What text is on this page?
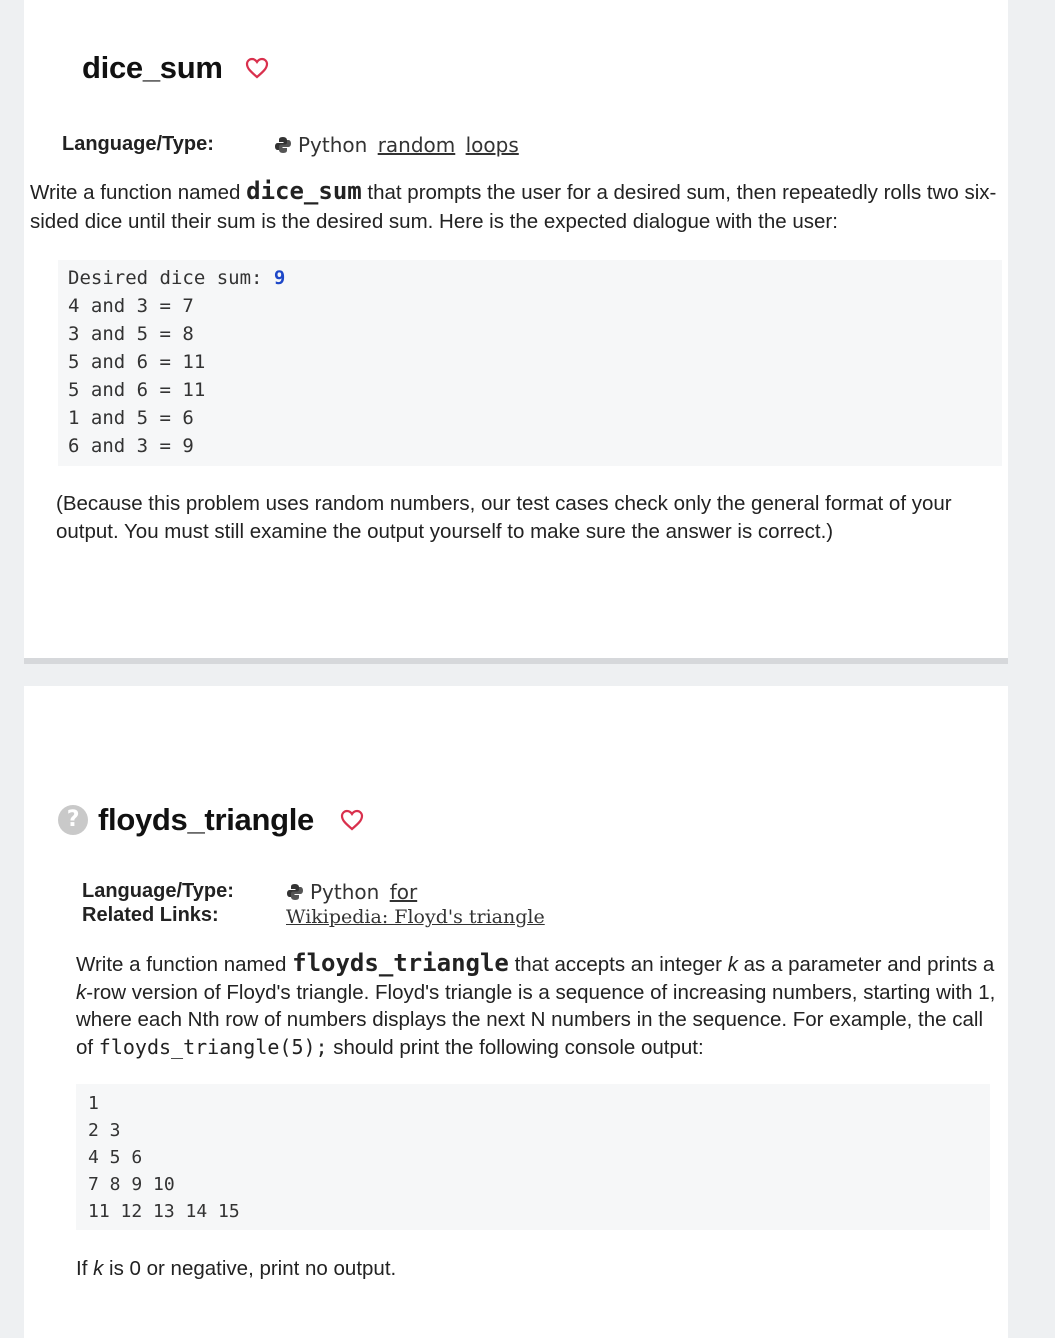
dice_sum
Language/Type:	Python random loops
Write a function named dice_sum that prompts the user for a desired sum, then repeatedly rolls two six-sided dice until their sum is the desired sum. Here is the expected dialogue with the user:
Desired dice sum: 9
4 and 3 = 7
3 and 5 = 8
5 and 6 = 11
5 and 6 = 11
1 and 5 = 6
6 and 3 = 9
(Because this problem uses random numbers, our test cases check only the general format of your output. You must still examine the output yourself to make sure the answer is correct.)
? floyds_triangle
Language/Type:	Python for
Related Links:	Wikipedia: Floyd's triangle
Write a function named floyds_triangle that accepts an integer k as a parameter and prints a k-row version of Floyd's triangle. Floyd's triangle is a sequence of increasing numbers, starting with 1, where each Nth row of numbers displays the next N numbers in the sequence. For example, the call of floyds_triangle(5); should print the following console output:
1
2 3
4 5 6
7 8 9 10
11 12 13 14 15
If k is 0 or negative, print no output.
